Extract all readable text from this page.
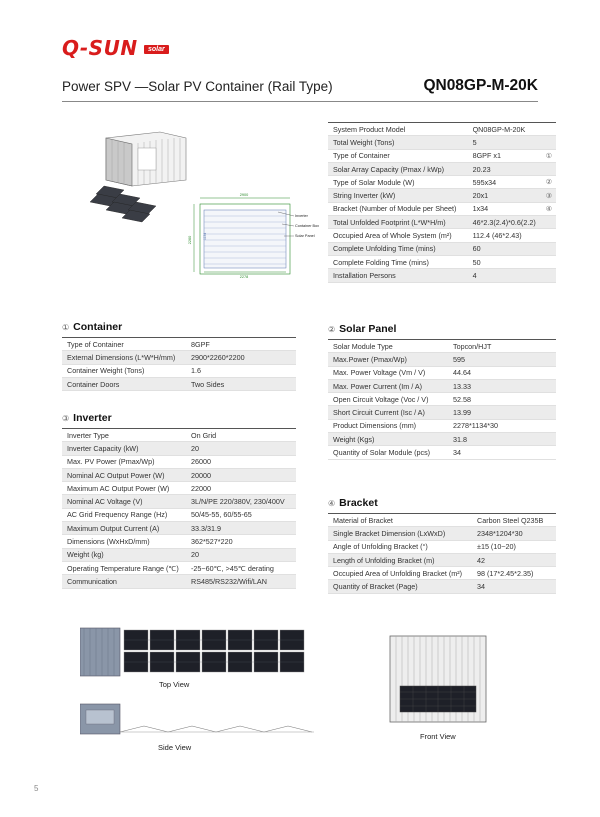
Q-SUN	solar
Power SPV —Solar PV Container (Rail Type)	QN08GP-M-20K
2900
2260	1134
2278
Inverter
Container Box
Solar Panel
System Product Model	QN08GP-M-20K	
Total Weight (Tons)	5	
Type of Container	8GPF x1	①
Solar Array Capacity (Pmax / kWp)	20.23	
Type of Solar Module (W)	595x34	②
String Inverter (kW)	20x1	③
Bracket (Number of Module per Sheet)	1x34	④
Total Unfolded Footprint (L*W*H/m)	46*2.3(2.4)*0.6(2.2)	
Occupied Area of Whole System (m²)	112.4 (46*2.43)	
Complete Unfolding Time (mins)	60	
Complete Folding Time (mins)	50	
Installation Persons	4	
① Container
Type of Container	8GPF
External Dimensions (L*W*H/mm)	2900*2260*2200
Container Weight (Tons)	1.6
Container Doors	Two Sides
③ Inverter
Inverter Type	On Grid
Inverter Capacity (kW)	20
Max. PV Power (Pmax/Wp)	26000
Nominal AC Output Power (W)	20000
Maximum AC Output Power (W)	22000
Nominal AC Voltage (V)	3L/N/PE 220/380V, 230/400V
AC Grid Frequency Range (Hz)	50/45-55, 60/55-65
Maximum Output Current (A)	33.3/31.9
Dimensions (WxHxD/mm)	362*527*220
Weight (kg)	20
Operating Temperature Range (℃)	-25~60℃, >45℃ derating
Communication	RS485/RS232/Wifi/LAN
② Solar Panel
Solar Module Type	Topcon/HJT
Max.Power (Pmax/Wp)	595
Max. Power Voltage (Vm / V)	44.64
Max. Power Current (Im / A)	13.33
Open Circuit Voltage (Voc / V)	52.58
Short Circuit Current (Isc / A)	13.99
Product Dimensions (mm)	2278*1134*30
Weight (Kgs)	31.8
Quantity of Solar Module (pcs)	34
④ Bracket
Material of Bracket	Carbon Steel Q235B
Single Bracket Dimension (LxWxD)	2348*1204*30
Angle of Unfolding Bracket (°)	±15 (10~20)
Length of Unfolding Bracket (m)	42
Occupied Area of Unfolding Bracket (m²)	98 (17*2.45*2.35)
Quantity of Bracket (Page)	34
Top View
Side View
Front View
5
